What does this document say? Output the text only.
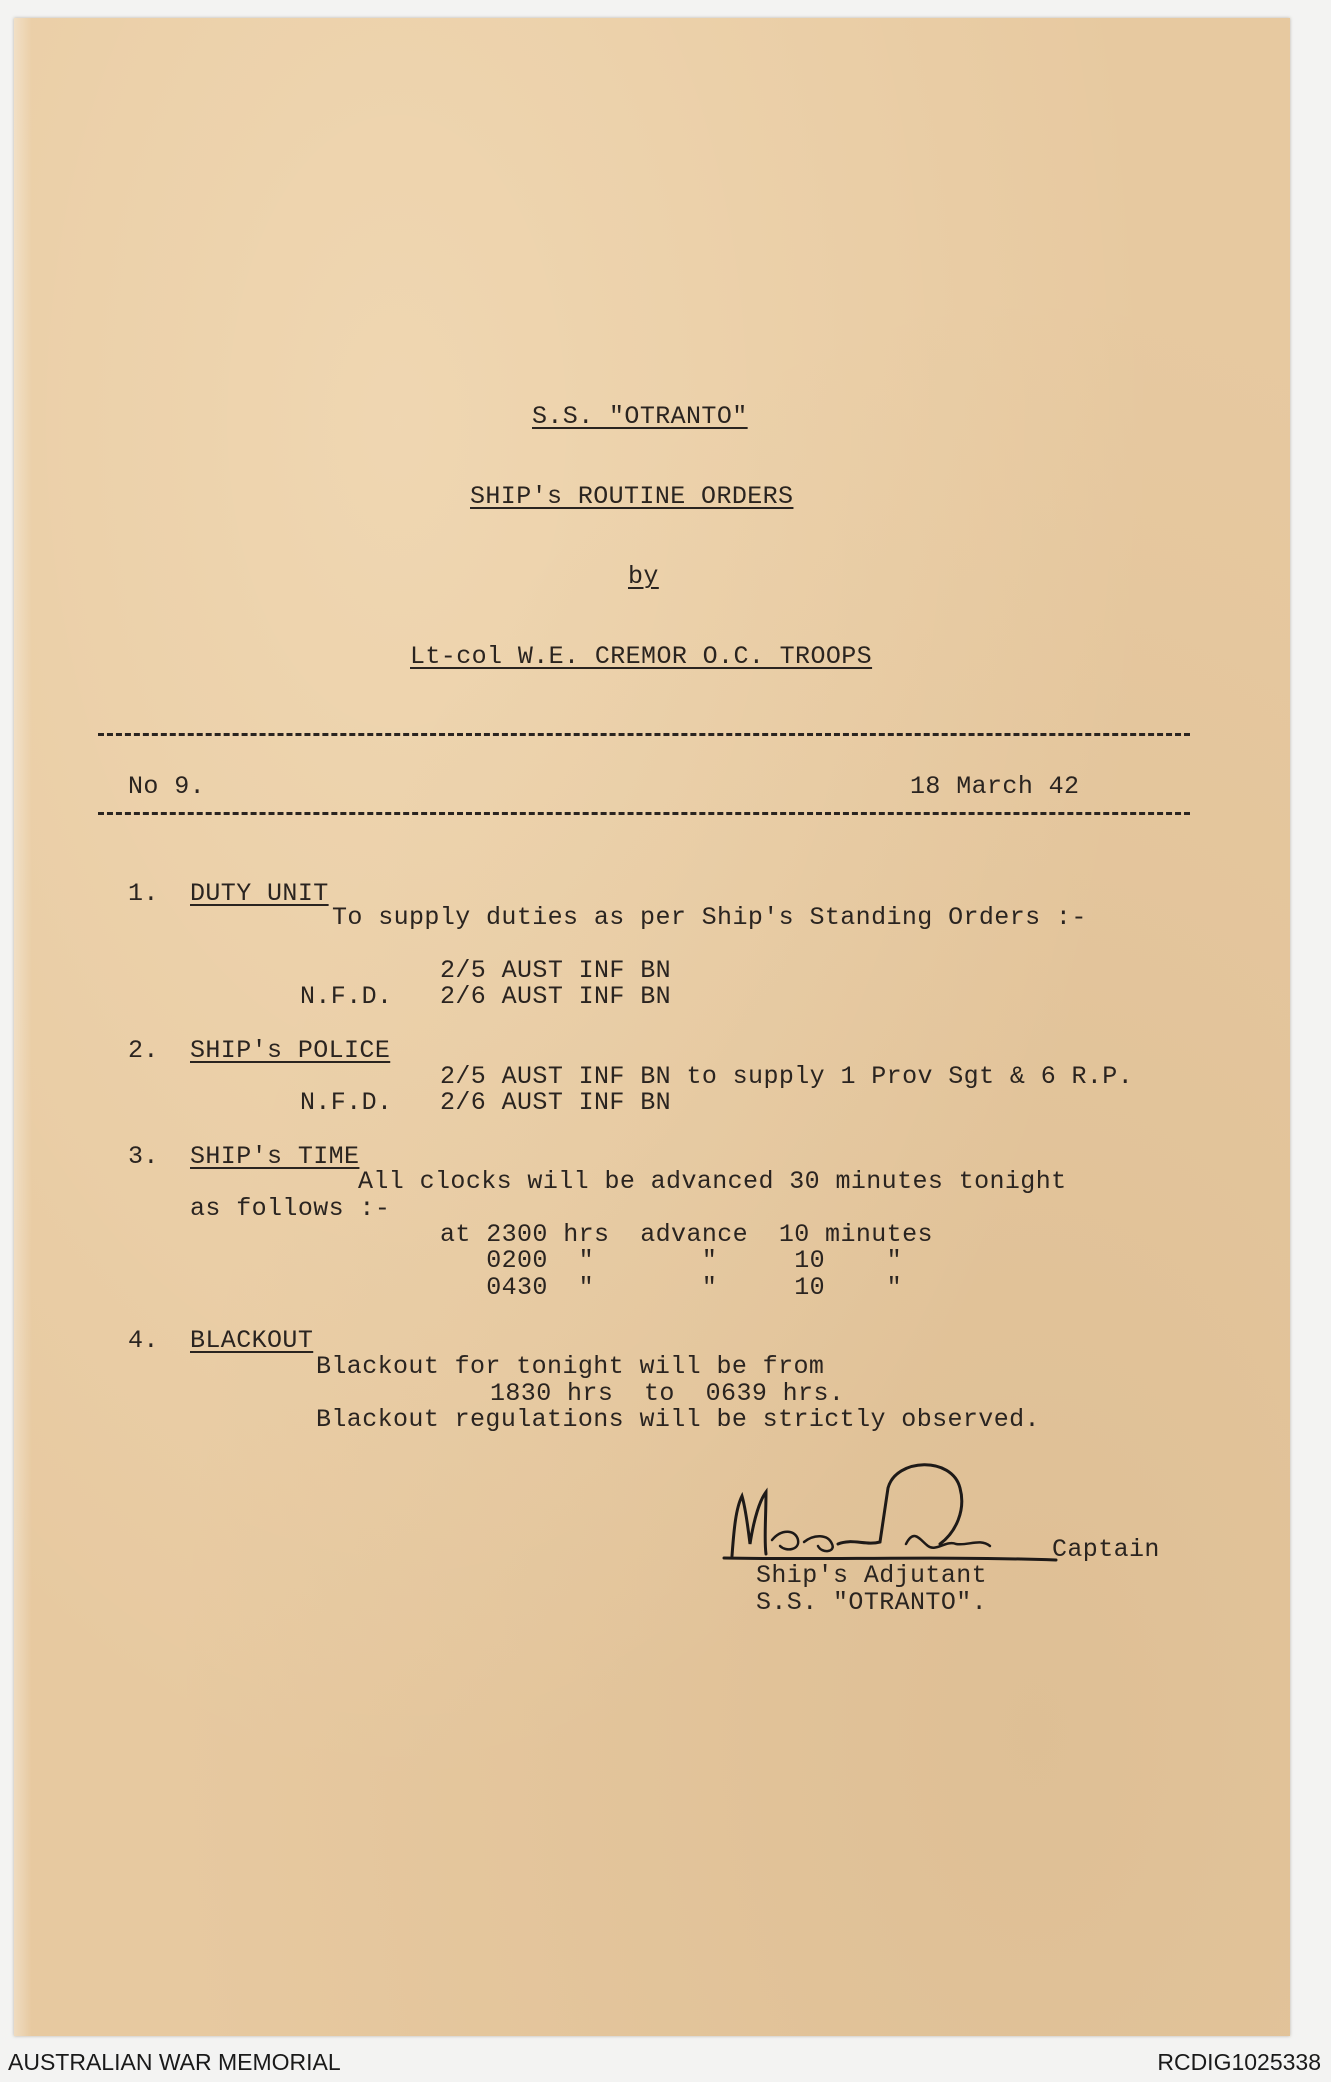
S.S. "OTRANTO"
SHIP's ROUTINE ORDERS
by
Lt-col W.E. CREMOR O.C. TROOPS
No 9.	18 March 42
1. DUTY UNIT
To supply duties as per Ship's Standing Orders :-
2/5 AUST INF BN
N.F.D. 2/6 AUST INF BN
2. SHIP's POLICE
2/5 AUST INF BN to supply 1 Prov Sgt & 6 R.P.
N.F.D. 2/6 AUST INF BN
3. SHIP's TIME
All clocks will be advanced 30 minutes tonight
as follows :-
at 2300 hrs  advance  10 minutes
0200  "       "     10    "
0430  "       "     10    "
4. BLACKOUT
Blackout for tonight will be from
1830 hrs  to  0639 hrs.
Blackout regulations will be strictly observed.
Captain
Ship's Adjutant
S.S. "OTRANTO".
AUSTRALIAN WAR MEMORIAL	RCDIG1025338
